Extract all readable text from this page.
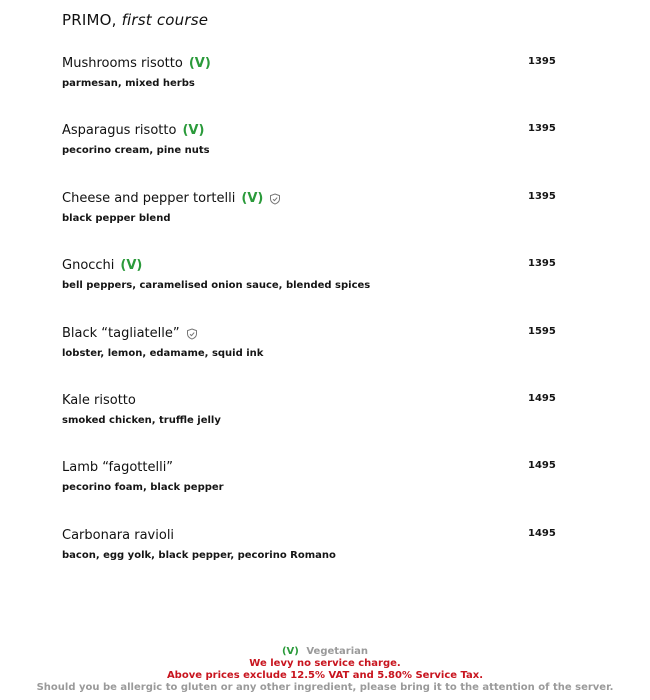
PRIMO, first course
Mushrooms risotto (V)
parmesan, mixed herbs
1395
Asparagus risotto (V)
pecorino cream, pine nuts
1395
Cheese and pepper tortelli (V)
black pepper blend
1395
Gnocchi (V)
bell peppers, caramelised onion sauce, blended spices
1395
Black “tagliatelle”
lobster, lemon, edamame, squid ink
1595
Kale risotto
smoked chicken, truffle jelly
1495
Lamb “fagottelli”
pecorino foam, black pepper
1495
Carbonara ravioli
bacon, egg yolk, black pepper, pecorino Romano
1495
(V) Vegetarian
We levy no service charge.
Above prices exclude 12.5% VAT and 5.80% Service Tax.
Should you be allergic to gluten or any other ingredient, please bring it to the attention of the server.
